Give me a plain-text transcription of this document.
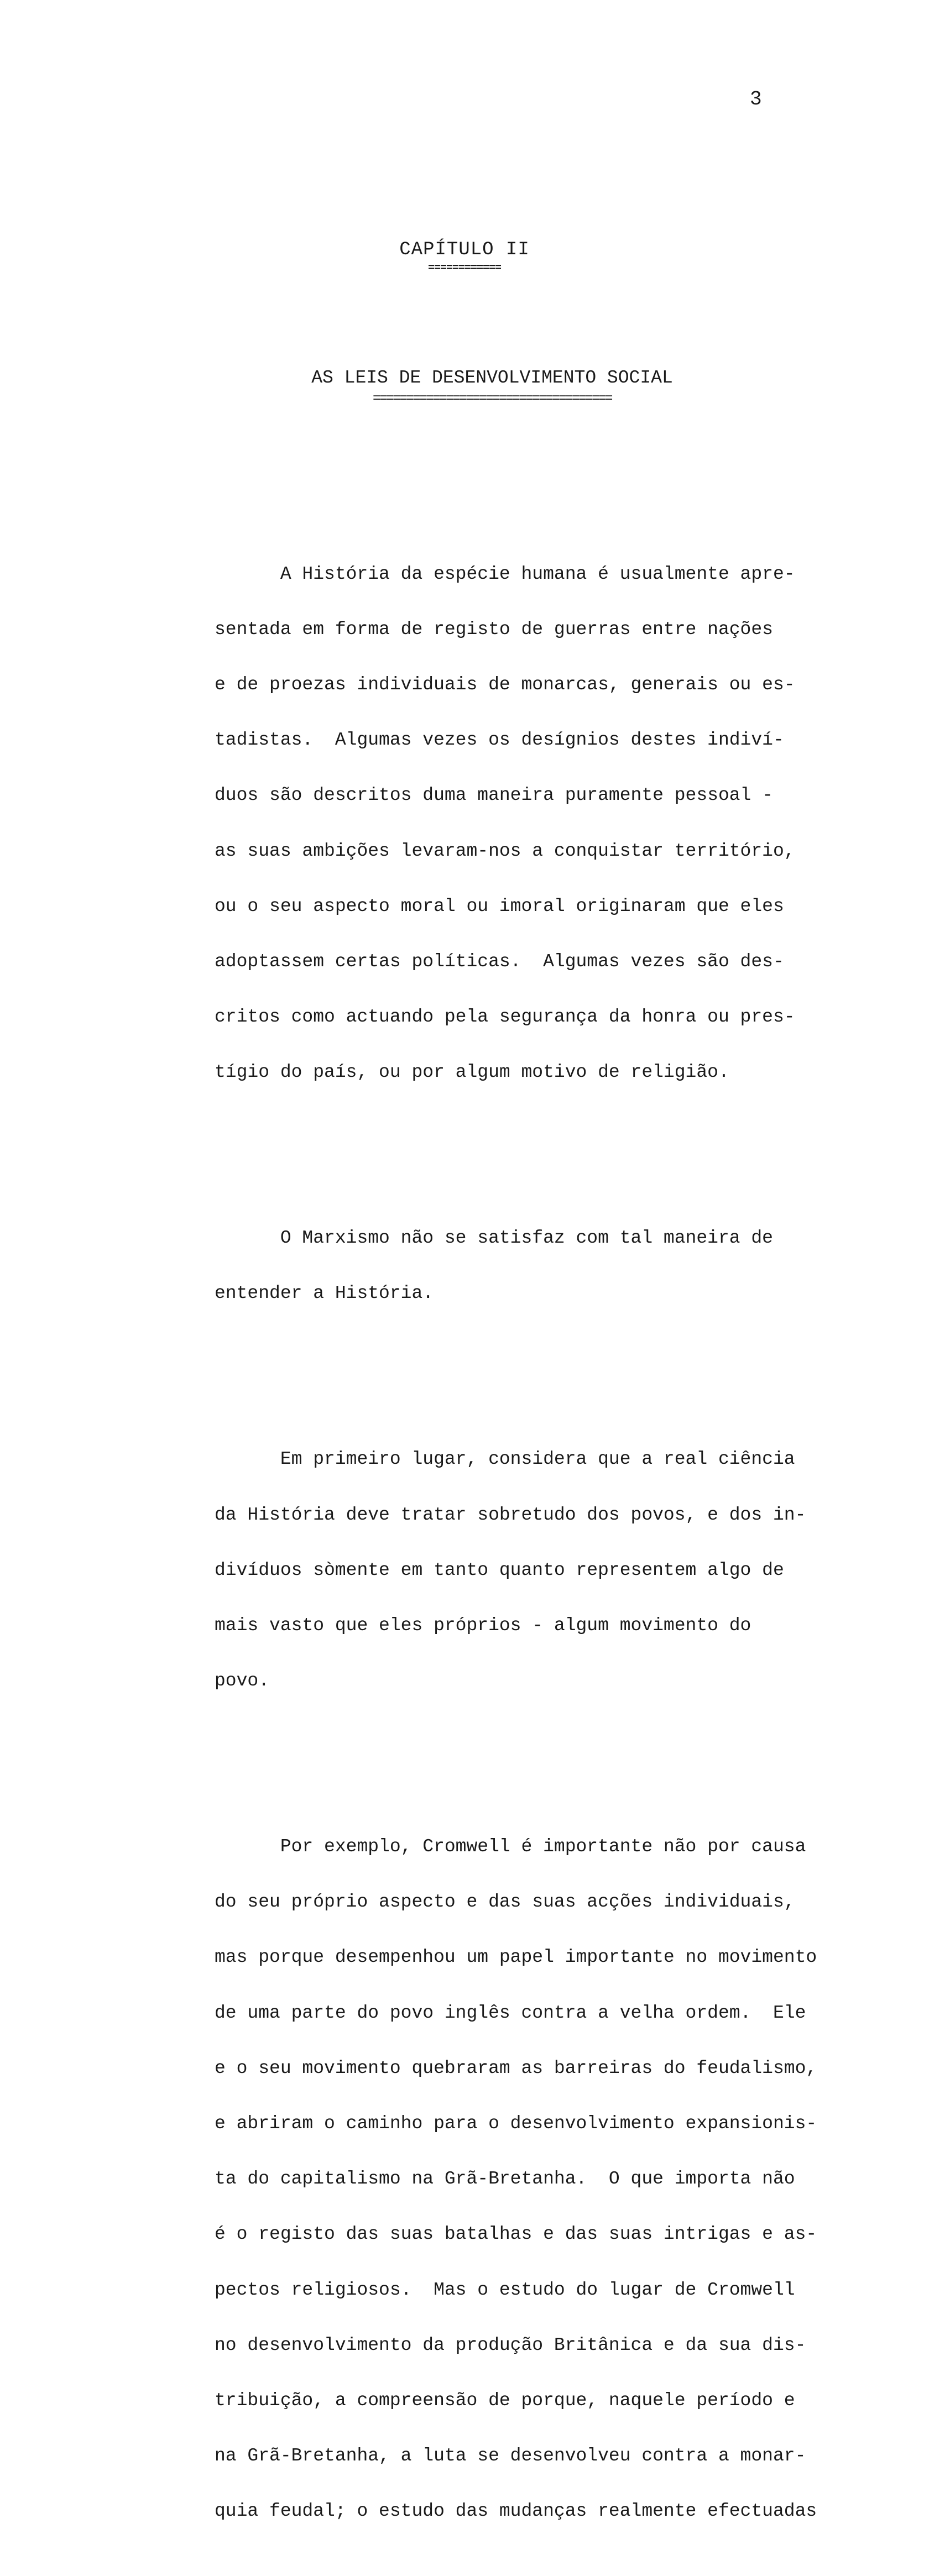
3
CAPÍTULO II
============
AS LEIS DE DESENVOLVIMENTO SOCIAL
====================================

A História da espécie humana é usualmente apre-

sentada em forma de registo de guerras entre nações

e de proezas individuais de monarcas, generais ou es-

tadistas.  Algumas vezes os desígnios destes indiví-

duos são descritos duma maneira puramente pessoal -

as suas ambições levaram-nos a conquistar território,

ou o seu aspecto moral ou imoral originaram que eles

adoptassem certas políticas.  Algumas vezes são des-

critos como actuando pela segurança da honra ou pres-

tígio do país, ou por algum motivo de religião.

O Marxismo não se satisfaz com tal maneira de

entender a História.

Em primeiro lugar, considera que a real ciência

da História deve tratar sobretudo dos povos, e dos in-

divíduos sòmente em tanto quanto representem algo de

mais vasto que eles próprios - algum movimento do

povo.

Por exemplo, Cromwell é importante não por causa

do seu próprio aspecto e das suas acções individuais,

mas porque desempenhou um papel importante no movimento

de uma parte do povo inglês contra a velha ordem.  Ele

e o seu movimento quebraram as barreiras do feudalismo,

e abriram o caminho para o desenvolvimento expansionis-

ta do capitalismo na Grã-Bretanha.  O que importa não

é o registo das suas batalhas e das suas intrigas e as-

pectos religiosos.  Mas o estudo do lugar de Cromwell

no desenvolvimento da produção Britânica e da sua dis-

tribuição, a compreensão de porque, naquele período e

na Grã-Bretanha, a luta se desenvolveu contra a monar-

quia feudal; o estudo das mudanças realmente efectuadas
